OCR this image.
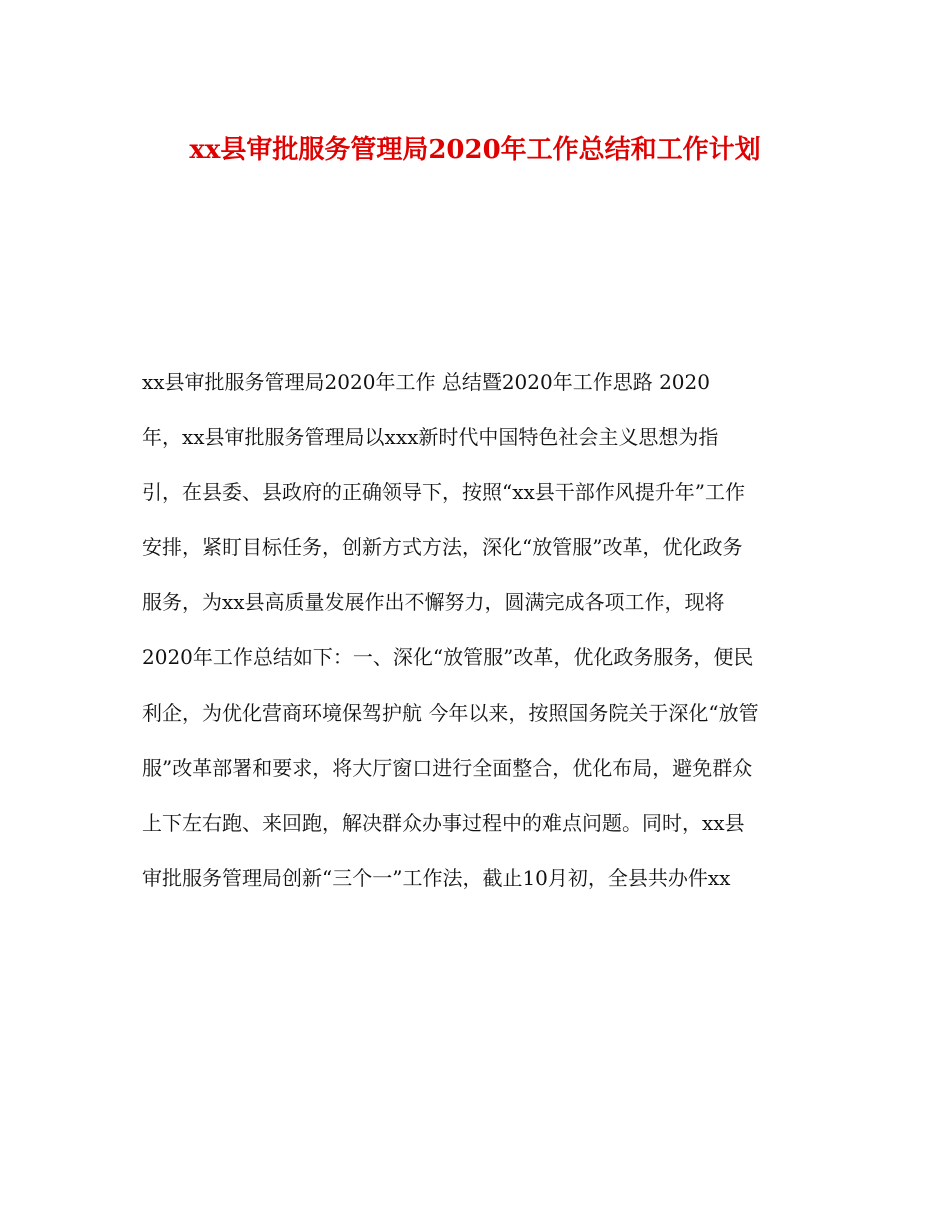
xx县审批服务管理局2020年工作总结和工作计划
xx县审批服务管理局2020年工作 总结暨2020年工作思路 2020
年，xx县审批服务管理局以xxx新时代中国特色社会主义思想为指
引，在县委、县政府的正确领导下，按照“xx县干部作风提升年”工作
安排，紧盯目标任务，创新方式方法，深化“放管服”改革，优化政务
服务，为xx县高质量发展作出不懈努力，圆满完成各项工作，现将
2020年工作总结如下：一、深化“放管服”改革，优化政务服务，便民
利企，为优化营商环境保驾护航 今年以来，按照国务院关于深化“放管
服”改革部署和要求，将大厅窗口进行全面整合，优化布局，避免群众
上下左右跑、来回跑，解决群众办事过程中的难点问题。同时，xx县
审批服务管理局创新“三个一”工作法，截止10月初，全县共办件xx
